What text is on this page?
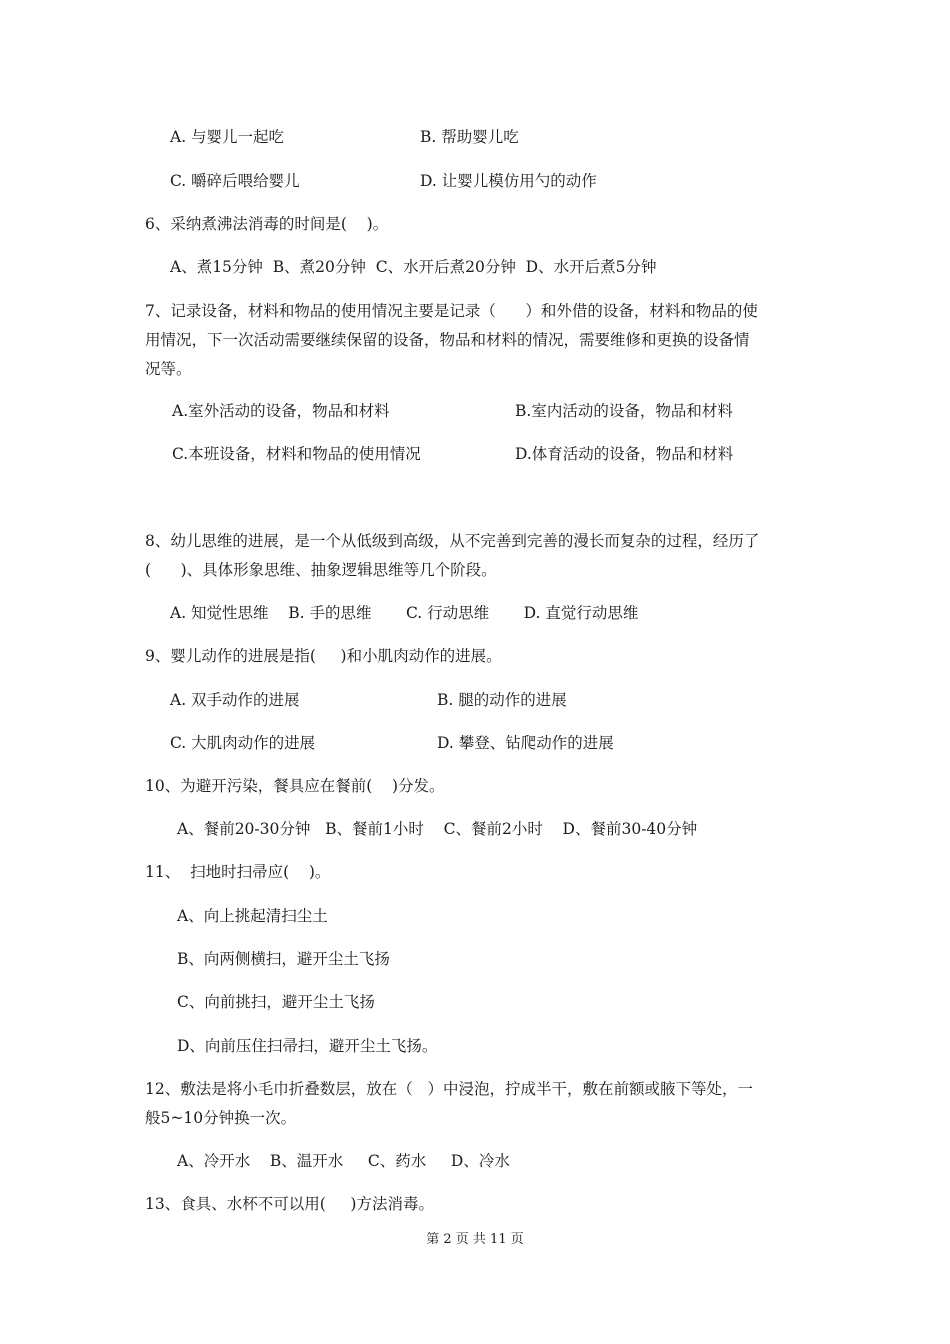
A. 与婴儿一起吃	B. 帮助婴儿吃
C. 嚼碎后喂给婴儿	D. 让婴儿模仿用勺的动作
6、采纳煮沸法消毒的时间是(    )。
A、煮15分钟  B、煮20分钟  C、水开后煮20分钟  D、水开后煮5分钟
7、记录设备，材料和物品的使用情况主要是记录（      ）和外借的设备，材料和物品的使
用情况，下一次活动需要继续保留的设备，物品和材料的情况，需要维修和更换的设备情
况等。
A.室外活动的设备，物品和材料	B.室内活动的设备，物品和材料
C.本班设备，材料和物品的使用情况	D.体育活动的设备，物品和材料
8、幼儿思维的进展，是一个从低级到高级，从不完善到完善的漫长而复杂的过程，经历了
(      )、具体形象思维、抽象逻辑思维等几个阶段。
A. 知觉性思维    B. 手的思维       C. 行动思维       D. 直觉行动思维
9、婴儿动作的进展是指(     )和小肌肉动作的进展。
A. 双手动作的进展	B. 腿的动作的进展
C. 大肌肉动作的进展	D. 攀登、钻爬动作的进展
10、为避开污染，餐具应在餐前(    )分发。
A、餐前20-30分钟   B、餐前1小时    C、餐前2小时    D、餐前30-40分钟
11、  扫地时扫帚应(    )。
A、向上挑起清扫尘土
B、向两侧横扫，避开尘土飞扬
C、向前挑扫，避开尘土飞扬
D、向前压住扫帚扫，避开尘土飞扬。
12、敷法是将小毛巾折叠数层，放在（   ）中浸泡，拧成半干，敷在前额或腋下等处，一
般5~10分钟换一次。
A、冷开水    B、温开水     C、药水     D、冷水
13、食具、水杯不可以用(     )方法消毒。
第 2 页 共 11 页
